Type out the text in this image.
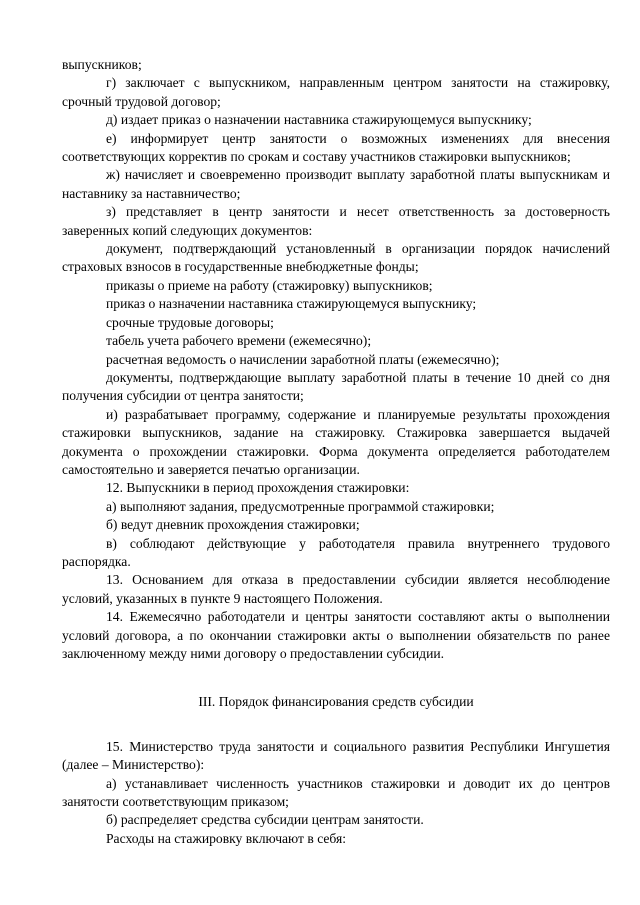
выпускников;

г) заключает с выпускником, направленным центром занятости на стажировку, срочный трудовой договор;

д) издает приказ о назначении наставника стажирующемуся выпускнику;

е) информирует центр занятости о возможных изменениях для внесения соответствующих корректив по срокам и составу участников стажировки выпускников;

ж) начисляет и своевременно производит выплату заработной платы выпускникам и наставнику за наставничество;

з) представляет в центр занятости и несет ответственность за достоверность заверенных копий следующих документов:

документ, подтверждающий установленный в организации порядок начислений страховых взносов в государственные внебюджетные фонды;

приказы о приеме на работу (стажировку) выпускников;

приказ о назначении наставника стажирующемуся выпускнику;

срочные трудовые договоры;

табель учета рабочего времени (ежемесячно);

расчетная ведомость о начислении заработной платы (ежемесячно);

документы, подтверждающие выплату заработной платы в течение 10 дней со дня получения субсидии от центра занятости;

и) разрабатывает программу, содержание и планируемые результаты прохождения стажировки выпускников, задание на стажировку. Стажировка завершается выдачей документа о прохождении стажировки. Форма документа определяется работодателем самостоятельно и заверяется печатью организации.

12. Выпускники в период прохождения стажировки:

а) выполняют задания, предусмотренные программой стажировки;

б) ведут дневник прохождения стажировки;

в) соблюдают действующие у работодателя правила внутреннего трудового распорядка.

13. Основанием для отказа в предоставлении субсидии является несоблюдение условий, указанных в пункте 9 настоящего Положения.

14. Ежемесячно работодатели и центры занятости составляют акты о выполнении условий договора, а по окончании стажировки акты о выполнении обязательств по ранее заключенному между ними договору о предоставлении субсидии.

III. Порядок финансирования средств субсидии

15. Министерство труда занятости и социального развития Республики Ингушетия (далее – Министерство):

а) устанавливает численность участников стажировки и доводит их до центров занятости соответствующим приказом;

б) распределяет средства субсидии центрам занятости.

Расходы на стажировку включают в себя:
